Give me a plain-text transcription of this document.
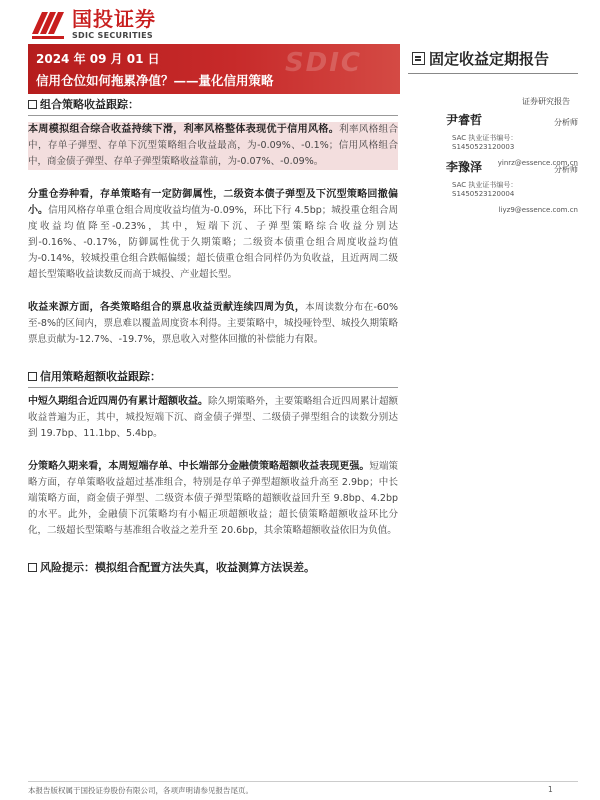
国投证券
SDIC SECURITIES
SDIC
2024 年 09 月 01 日
信用仓位如何拖累净值？——量化信用策略
固定收益定期报告
证券研究报告
尹睿哲	分析师
SAC 执业证书编号：S1450523120003
yinrz@essence.com.cn
李豫泽	分析师
SAC 执业证书编号：S1450523120004
liyz9@essence.com.cn
组合策略收益跟踪：

本周模拟组合综合收益持续下滑，利率风格整体表现优于信用风格。利率风格组合中，存单子弹型、存单下沉型策略组合收益最高，为-0.09%、-0.1%；信用风格组合中，商金债子弹型、存单子弹型策略收益靠前，为-0.07%、-0.09%。

分重仓券种看，存单策略有一定防御属性，二级资本债子弹型及下沉型策略回撤偏小。信用风格存单重仓组合周度收益均值为-0.09%，环比下行 4.5bp；城投重仓组合周度收益均值降至-0.23%，其中，短端下沉、子弹型策略综合收益分别达到-0.16%、-0.17%，防御属性优于久期策略；二级资本债重仓组合周度收益均值为-0.14%，较城投重仓组合跌幅偏缓；超长债重仓组合同样仍为负收益，且近两周二级超长型策略收益读数反而高于城投、产业超长型。

收益来源方面，各类策略组合的票息收益贡献连续四周为负，本周读数分布在-60%至-8%的区间内，票息难以覆盖周度资本利得。主要策略中，城投哑铃型、城投久期策略票息贡献为-12.7%、-19.7%，票息收入对整体回撤的补偿能力有限。

信用策略超额收益跟踪：

中短久期组合近四周仍有累计超额收益。除久期策略外，主要策略组合近四周累计超额收益普遍为正，其中，城投短端下沉、商金债子弹型、二级债子弹型组合的读数分别达到 19.7bp、11.1bp、5.4bp。

分策略久期来看，本周短端存单、中长端部分金融债策略超额收益表现更强。短端策略方面，存单策略收益超过基准组合，特别是存单子弹型超额收益升高至 2.9bp；中长端策略方面，商金债子弹型、二级资本债子弹型策略的超额收益回升至 9.8bp、4.2bp 的水平。此外，金融债下沉策略均有小幅正项超额收益；超长债策略超额收益环比分化，二级超长型策略与基准组合收益之差升至 20.6bp，其余策略超额收益依旧为负值。

风险提示：模拟组合配置方法失真，收益测算方法误差。
本报告版权属于国投证券股份有限公司，各项声明请参见报告尾页。	1
